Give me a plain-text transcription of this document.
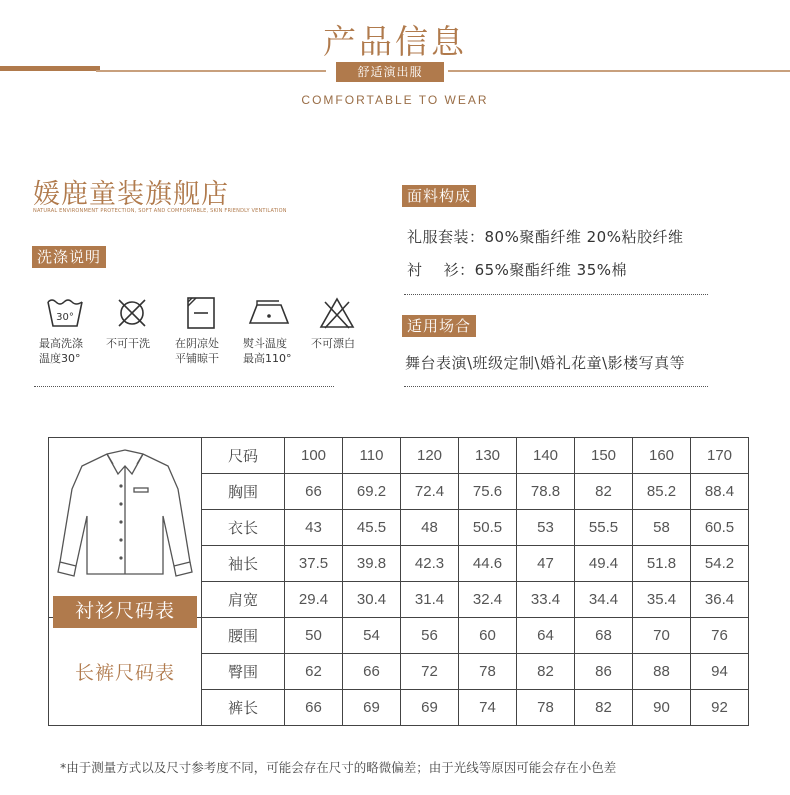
产品信息
舒适演出服
COMFORTABLE TO WEAR
媛鹿童装旗舰店
NATURAL ENVIRONMENT PROTECTION, SOFT AND COMFORTABLE, SKIN FRIENDLY VENTILATION
洗涤说明
30°
最高洗涤
温度30°
不可干洗	在阴凉处
平铺晾干
熨斗温度
最高110°
不可漂白

面料构成
礼服套装：80%聚酯纤维 20%粘胶纤维
衬    衫：65%聚酯纤维 35%棉
适用场合
舞台表演\班级定制\婚礼花童\影楼写真等
衬衫尺码表	尺码	100	110	120	130	140	150	160	170
	胸围	66	69.2	72.4	75.6	78.8	82	85.2	88.4
	衣长	43	45.5	48	50.5	53	55.5	58	60.5
	袖长	37.5	39.8	42.3	44.6	47	49.4	51.8	54.2
	肩宽	29.4	30.4	31.4	32.4	33.4	34.4	35.4	36.4
长裤尺码表	腰围	50	54	56	60	64	68	70	76
	臀围	62	66	72	78	82	86	88	94
	裤长	66	69	69	74	78	82	90	92
*由于测量方式以及尺寸参考度不同，可能会存在尺寸的略微偏差；由于光线等原因可能会存在小色差
